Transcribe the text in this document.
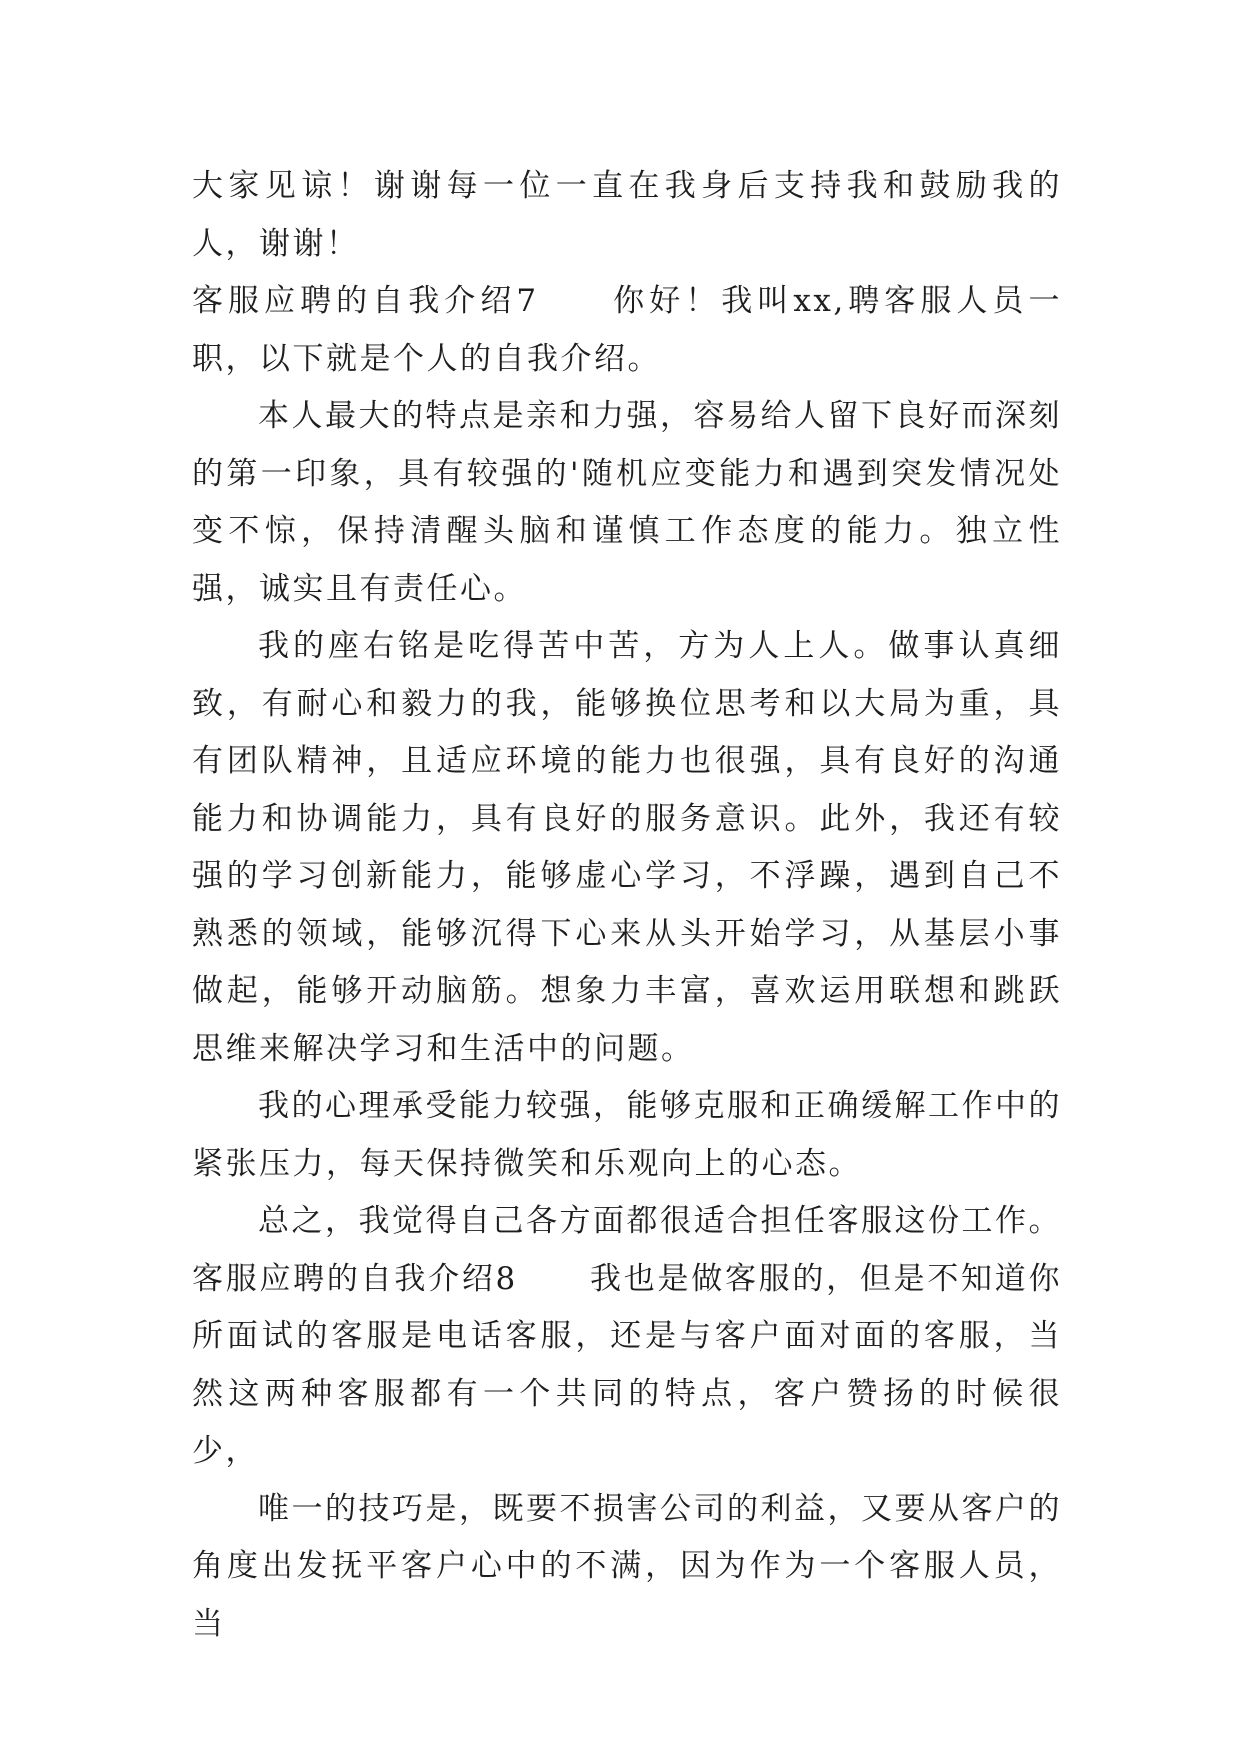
大家见谅！谢谢每一位一直在我身后支持我和鼓励我的人，谢谢！

客服应聘的自我介绍7 你好！我叫xx,聘客服人员一职，以下就是个人的自我介绍。

本人最大的特点是亲和力强，容易给人留下良好而深刻的第一印象，具有较强的'随机应变能力和遇到突发情况处变不惊，保持清醒头脑和谨慎工作态度的能力。独立性强，诚实且有责任心。

我的座右铭是吃得苦中苦，方为人上人。做事认真细致，有耐心和毅力的我，能够换位思考和以大局为重，具有团队精神，且适应环境的能力也很强，具有良好的沟通能力和协调能力，具有良好的服务意识。此外，我还有较强的学习创新能力，能够虚心学习，不浮躁，遇到自己不熟悉的领域，能够沉得下心来从头开始学习，从基层小事做起，能够开动脑筋。想象力丰富，喜欢运用联想和跳跃思维来解决学习和生活中的问题。

我的心理承受能力较强，能够克服和正确缓解工作中的紧张压力，每天保持微笑和乐观向上的心态。

总之，我觉得自己各方面都很适合担任客服这份工作。

客服应聘的自我介绍8 我也是做客服的，但是不知道你所面试的客服是电话客服，还是与客户面对面的客服，当然这两种客服都有一个共同的特点，客户赞扬的时候很少，

唯一的技巧是，既要不损害公司的利益，又要从客户的角度出发抚平客户心中的不满，因为作为一个客服人员，当
